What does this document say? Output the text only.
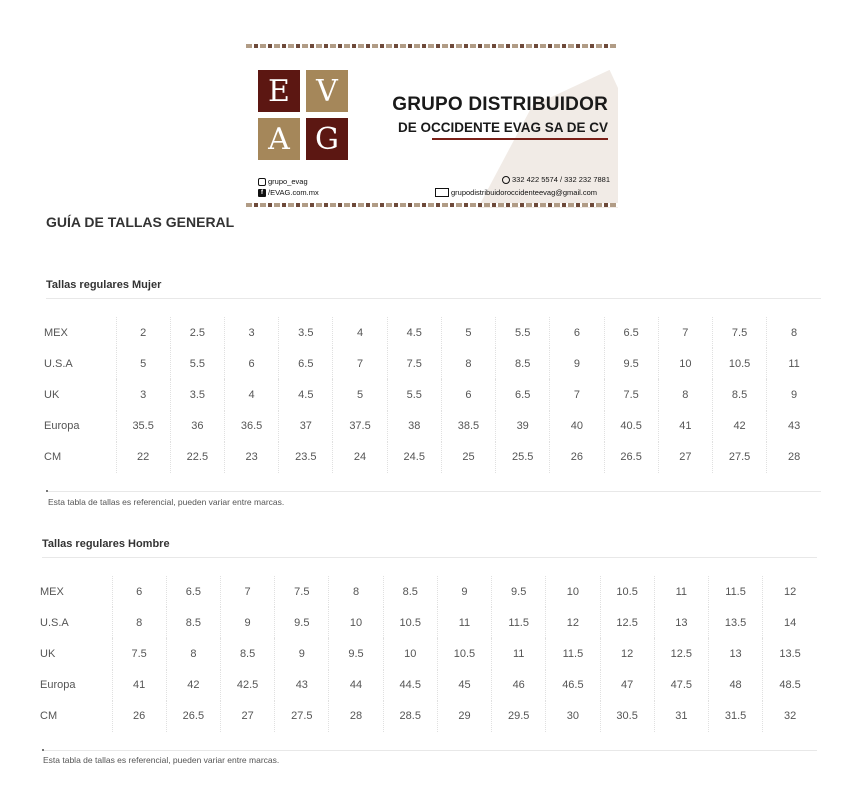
E V
A G
GRUPO DISTRIBUIDOR
DE OCCIDENTE EVAG SA DE CV
grupo_evag
f /EVAG.com.mx
332 422 5574 / 332 232 7881
grupodistribuidoroccidenteevag@gmail.com
GUÍA DE TALLAS GENERAL
Tallas regulares Mujer
MEX	2	2.5	3	3.5	4	4.5	5	5.5	6	6.5	7	7.5	8
U.S.A	5	5.5	6	6.5	7	7.5	8	8.5	9	9.5	10	10.5	11
UK	3	3.5	4	4.5	5	5.5	6	6.5	7	7.5	8	8.5	9
Europa	35.5	36	36.5	37	37.5	38	38.5	39	40	40.5	41	42	43
CM	22	22.5	23	23.5	24	24.5	25	25.5	26	26.5	27	27.5	28
Esta tabla de tallas es referencial, pueden variar entre marcas.
Tallas regulares Hombre
MEX	6	6.5	7	7.5	8	8.5	9	9.5	10	10.5	11	11.5	12
U.S.A	8	8.5	9	9.5	10	10.5	11	11.5	12	12.5	13	13.5	14
UK	7.5	8	8.5	9	9.5	10	10.5	11	11.5	12	12.5	13	13.5
Europa	41	42	42.5	43	44	44.5	45	46	46.5	47	47.5	48	48.5
CM	26	26.5	27	27.5	28	28.5	29	29.5	30	30.5	31	31.5	32
Esta tabla de tallas es referencial, pueden variar entre marcas.
